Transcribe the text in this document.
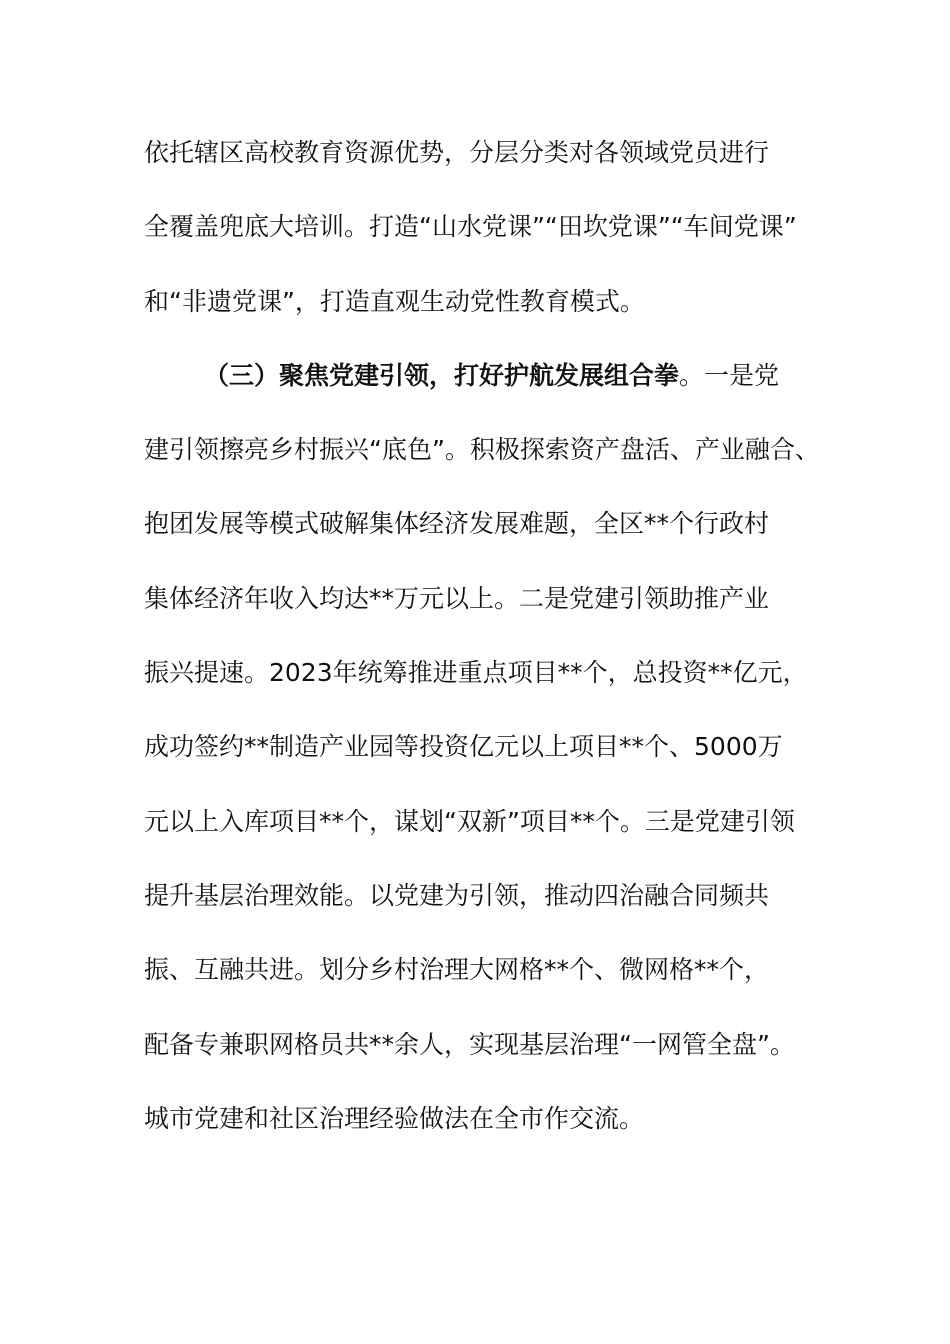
依托辖区高校教育资源优势，分层分类对各领域党员进行
全覆盖兜底大培训。打造“山水党课”“田坎党课”“车间党课”
和“非遗党课”，打造直观生动党性教育模式。
（三）聚焦党建引领，打好护航发展组合拳。一是党
建引领擦亮乡村振兴“底色”。积极探索资产盘活、产业融合、
抱团发展等模式破解集体经济发展难题，全区**个行政村
集体经济年收入均达**万元以上。二是党建引领助推产业
振兴提速。2023年统筹推进重点项目**个，总投资**亿元，
成功签约**制造产业园等投资亿元以上项目**个、5000万
元以上入库项目**个，谋划“双新”项目**个。三是党建引领
提升基层治理效能。以党建为引领，推动四治融合同频共
振、互融共进。划分乡村治理大网格**个、微网格**个，
配备专兼职网格员共**余人，实现基层治理“一网管全盘”。
城市党建和社区治理经验做法在全市作交流。
